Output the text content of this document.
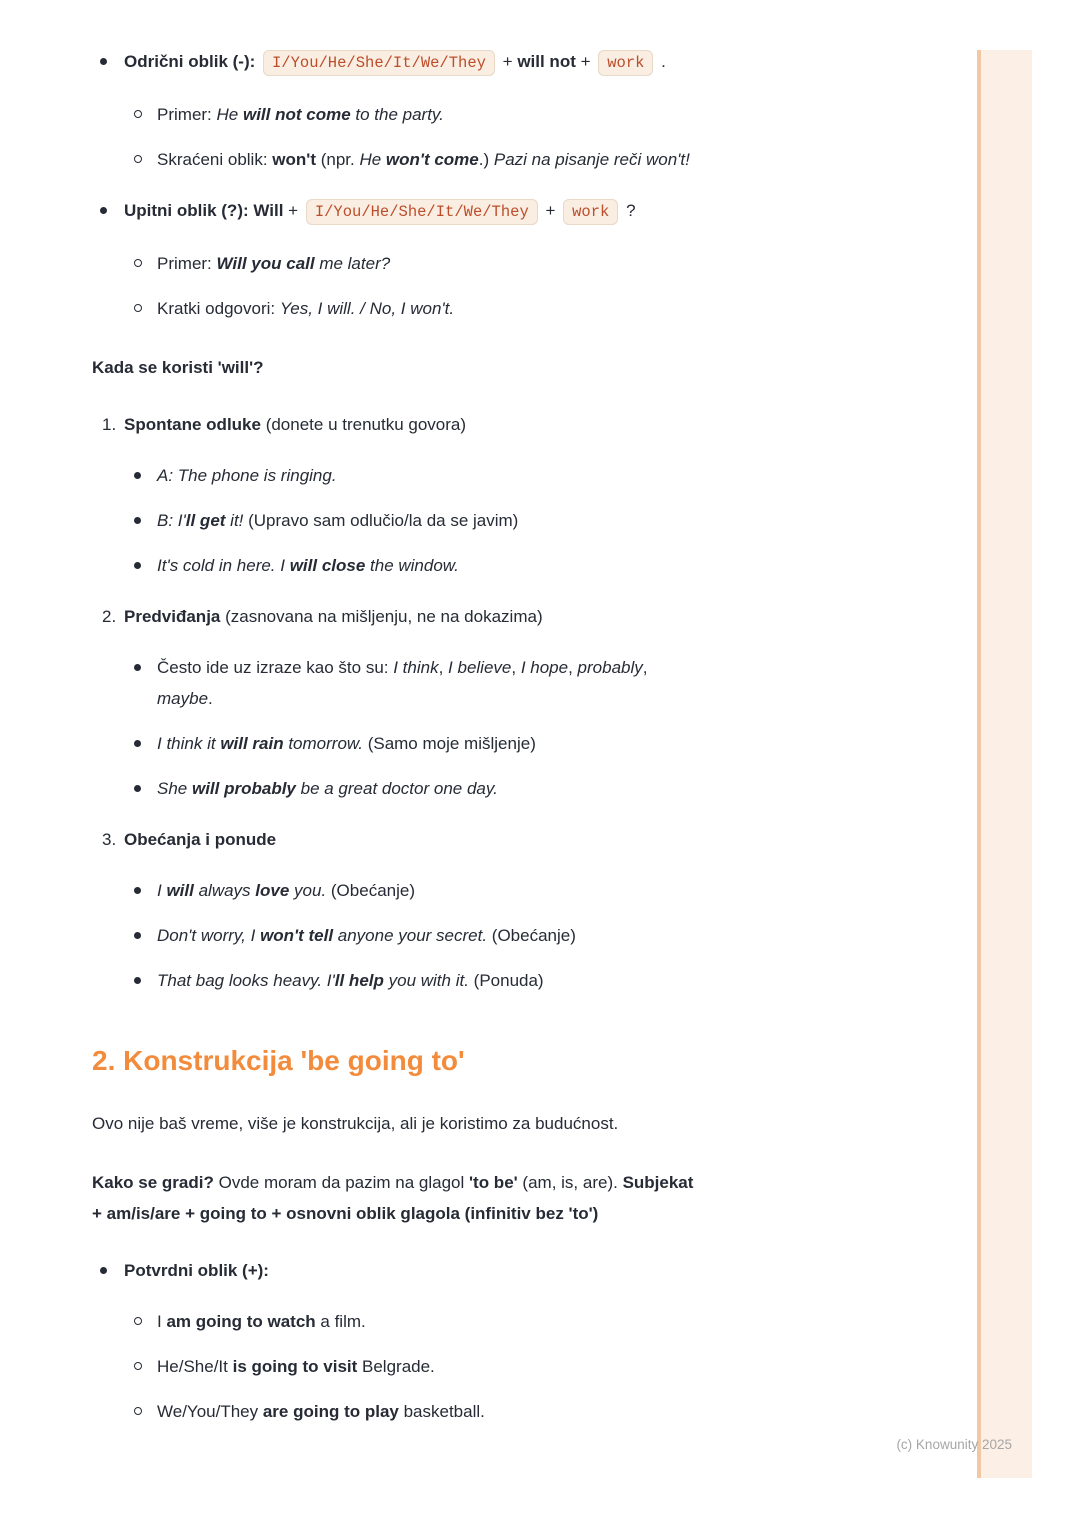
Odrični oblik (-): I/You/He/She/It/We/They + will not + work .
Primer: He will not come to the party.
Skraćeni oblik: won't (npr. He won't come.) Pazi na pisanje reči won't!
Upitni oblik (?): Will + I/You/He/She/It/We/They + work ?
Primer: Will you call me later?
Kratki odgovori: Yes, I will. / No, I won't.

Kada se koristi 'will'?

1. Spontane odluke (donete u trenutku govora)
A: The phone is ringing.
B: I'll get it! (Upravo sam odlučio/la da se javim)
It's cold in here. I will close the window.
2. Predviđanja (zasnovana na mišljenju, ne na dokazima)
Često ide uz izraze kao što su: I think, I believe, I hope, probably,
maybe.
I think it will rain tomorrow. (Samo moje mišljenje)
She will probably be a great doctor one day.
3. Obećanja i ponude
I will always love you. (Obećanje)
Don't worry, I won't tell anyone your secret. (Obećanje)
That bag looks heavy. I'll help you with it. (Ponuda)
2. Konstrukcija 'be going to'

Ovo nije baš vreme, više je konstrukcija, ali je koristimo za budućnost.

Kako se gradi? Ovde moram da pazim na glagol 'to be' (am, is, are). Subjekat
+ am/is/are + going to + osnovni oblik glagola (infinitiv bez 'to')

Potvrdni oblik (+):
I am going to watch a film.
He/She/It is going to visit Belgrade.
We/You/They are going to play basketball.
(c) Knowunity 2025
